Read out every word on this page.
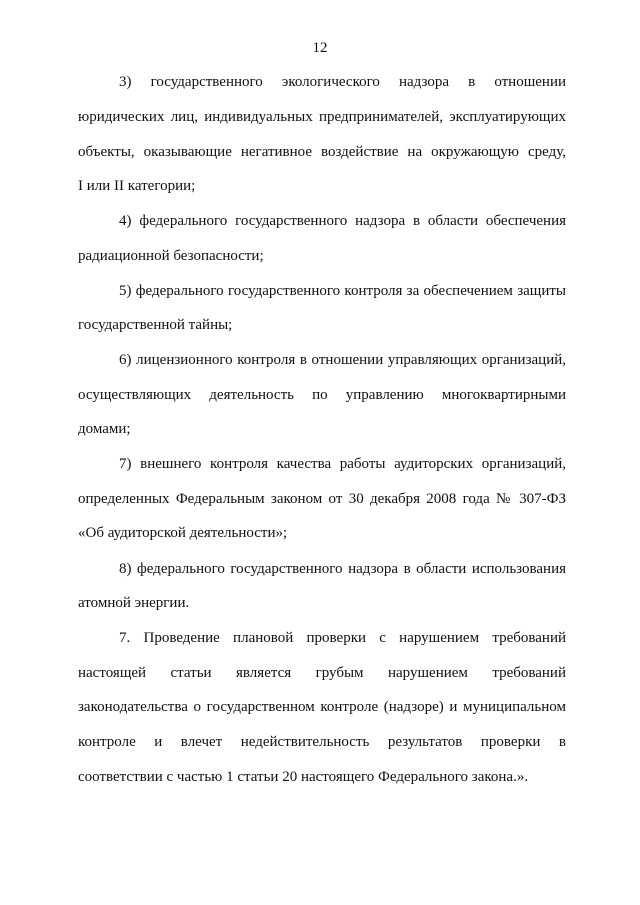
12
3) государственного экологического надзора в отношении
юридических лиц, индивидуальных предпринимателей, эксплуатирующих
объекты, оказывающие негативное воздействие на окружающую среду,
I или II категории;
4) федерального государственного надзора в области обеспечения
радиационной безопасности;
5) федерального государственного контроля за обеспечением защиты
государственной тайны;
6) лицензионного контроля в отношении управляющих организаций,
осуществляющих деятельность по управлению многоквартирными
домами;
7) внешнего контроля качества работы аудиторских организаций,
определенных Федеральным законом от 30 декабря 2008 года № 307-ФЗ
«Об аудиторской деятельности»;
8) федерального государственного надзора в области использования
атомной энергии.
7. Проведение плановой проверки с нарушением требований
настоящей статьи является грубым нарушением требований
законодательства о государственном контроле (надзоре) и муниципальном
контроле и влечет недействительность результатов проверки в
соответствии с частью 1 статьи 20 настоящего Федерального закона.».
